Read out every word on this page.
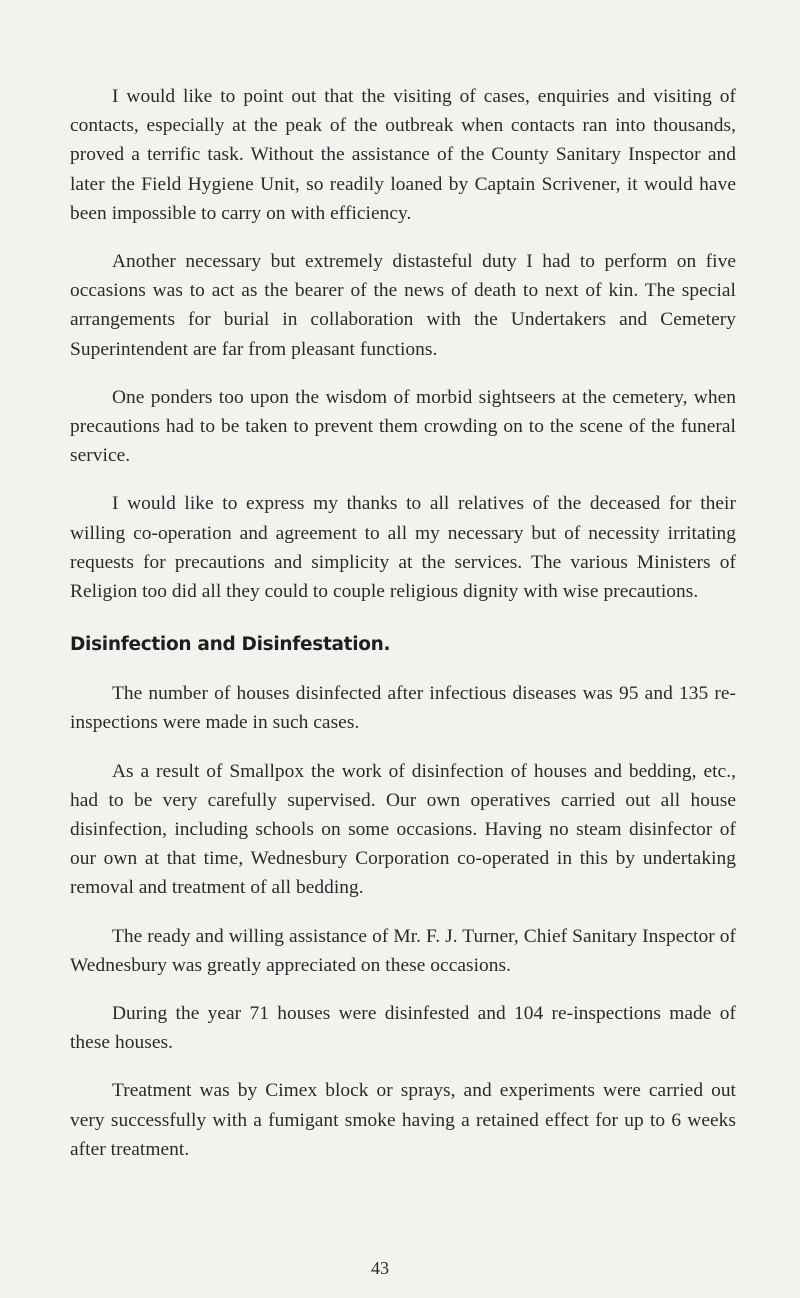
I would like to point out that the visiting of cases, enquiries and visiting of contacts, especially at the peak of the outbreak when contacts ran into thousands, proved a terrific task. Without the assistance of the County Sanitary Inspector and later the Field Hygiene Unit, so readily loaned by Captain Scrivener, it would have been impossible to carry on with efficiency.

Another necessary but extremely distasteful duty I had to perform on five occasions was to act as the bearer of the news of death to next of kin. The special arrangements for burial in collaboration with the Undertakers and Cemetery Superintendent are far from pleasant functions.

One ponders too upon the wisdom of morbid sightseers at the cemetery, when precautions had to be taken to prevent them crowding on to the scene of the funeral service.

I would like to express my thanks to all relatives of the deceased for their willing co-operation and agreement to all my necessary but of necessity irritating requests for precautions and simplicity at the services. The various Ministers of Religion too did all they could to couple religious dignity with wise precautions.

Disinfection and Disinfestation.

The number of houses disinfected after infectious diseases was 95 and 135 re-inspections were made in such cases.

As a result of Smallpox the work of disinfection of houses and bedding, etc., had to be very carefully supervised. Our own operatives carried out all house disinfection, including schools on some occasions. Having no steam disinfector of our own at that time, Wednesbury Corporation co-operated in this by undertaking removal and treatment of all bedding.

The ready and willing assistance of Mr. F. J. Turner, Chief Sanitary Inspector of Wednesbury was greatly appreciated on these occasions.

During the year 71 houses were disinfested and 104 re-inspections made of these houses.

Treatment was by Cimex block or sprays, and experiments were carried out very successfully with a fumigant smoke having a retained effect for up to 6 weeks after treatment.

43
